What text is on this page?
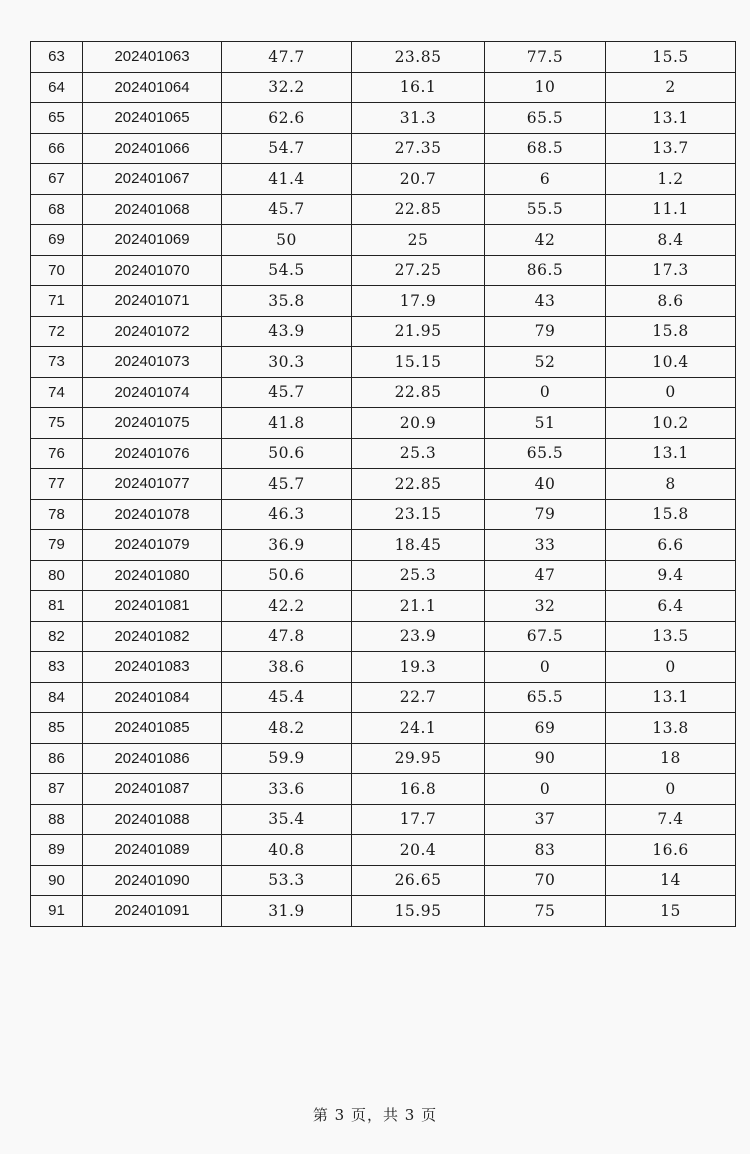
63	202401063	47.7	23.85	77.5	15.5
64	202401064	32.2	16.1	10	2
65	202401065	62.6	31.3	65.5	13.1
66	202401066	54.7	27.35	68.5	13.7
67	202401067	41.4	20.7	6	1.2
68	202401068	45.7	22.85	55.5	11.1
69	202401069	50	25	42	8.4
70	202401070	54.5	27.25	86.5	17.3
71	202401071	35.8	17.9	43	8.6
72	202401072	43.9	21.95	79	15.8
73	202401073	30.3	15.15	52	10.4
74	202401074	45.7	22.85	0	0
75	202401075	41.8	20.9	51	10.2
76	202401076	50.6	25.3	65.5	13.1
77	202401077	45.7	22.85	40	8
78	202401078	46.3	23.15	79	15.8
79	202401079	36.9	18.45	33	6.6
80	202401080	50.6	25.3	47	9.4
81	202401081	42.2	21.1	32	6.4
82	202401082	47.8	23.9	67.5	13.5
83	202401083	38.6	19.3	0	0
84	202401084	45.4	22.7	65.5	13.1
85	202401085	48.2	24.1	69	13.8
86	202401086	59.9	29.95	90	18
87	202401087	33.6	16.8	0	0
88	202401088	35.4	17.7	37	7.4
89	202401089	40.8	20.4	83	16.6
90	202401090	53.3	26.65	70	14
91	202401091	31.9	15.95	75	15
第 3 页，共 3 页
